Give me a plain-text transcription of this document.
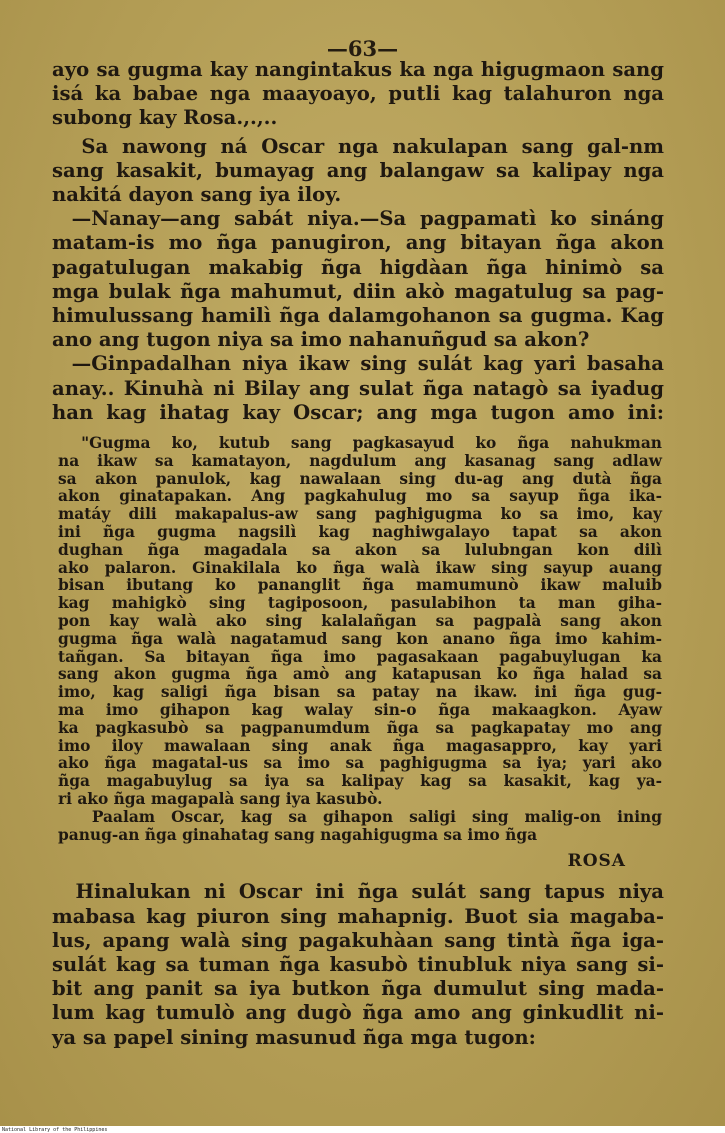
—63—

ayo sa gugma kay nangintakus ka nga higugmaon sang

isá ka babae nga maayoayo, putli kag talahuron nga

subong kay Rosa.,.,..

Sa nawong ná Oscar nga nakulapan sang gal-nm

sang kasakit, bumayag ang balangaw sa kalipay nga

nakitá dayon sang iya iloy.

—Nanay—ang sabát niya.—Sa pagpamatì ko sináng

matam-is mo ñga panugiron, ang bitayan ñga akon

pagatulugan makabig ñga higdàan ñga hinimò sa

mga bulak ñga mahumut, diin akò magatulug sa pag-

himulussang hamilì ñga dalamgohanon sa gugma. Kag

ano ang tugon niya sa imo nahanuñgud sa akon?

—Ginpadalhan niya ikaw sing sulát kag yari basaha

anay.. Kinuhà ni Bilay ang sulat ñga natagò sa iyadug

han kag ihatag kay Oscar; ang mga tugon amo ini:

"Gugma ko, kutub sang pagkasayud ko ñga nahukman

na ikaw sa kamatayon, nagdulum ang kasanag sang adlaw

sa akon panulok, kag nawalaan sing du-ag ang dutà ñga

akon ginatapakan. Ang pagkahulug mo sa sayup ñga ika-

matáy dili makapalus-aw sang paghigugma ko sa imo, kay

ini ñga gugma nagsilì kag naghiwgalayo tapat sa akon

dughan ñga magadala sa akon sa lulubngan kon dilì

ako palaron. Ginakilala ko ñga walà ikaw sing sayup auang

bisan ibutang ko pananglit ñga mamumunò ikaw maluib

kag mahigkò sing tagiposoon, pasulabihon ta man giha-

pon kay walà ako sing kalalañgan sa pagpalà sang akon

gugma ñga walà nagatamud sang kon anano ñga imo kahim-

tañgan. Sa bitayan ñga imo pagasakaan pagabuylugan ka

sang akon gugma ñga amò ang katapusan ko ñga halad sa

imo, kag saligi ñga bisan sa patay na ikaw. ini ñga gug-

ma imo gihapon kag walay sin-o ñga makaagkon. Ayaw

ka pagkasubò sa pagpanumdum ñga sa pagkapatay mo ang

imo iloy mawalaan sing anak ñga magasappro, kay yari

ako ñga magatal-us sa imo sa paghigugma sa iya; yari ako

ñga magabuylug sa iya sa kalipay kag sa kasakit, kag ya-

ri ako ñga magapalà sang iya kasubò.

Paalam Oscar, kag sa gihapon saligi sing malig-on ining

panug-an ñga ginahatag sang nagahigugma sa imo ñga

ROSA

Hinalukan ni Oscar ini ñga sulát sang tapus niya

mabasa kag piuron sing mahapnig. Buot sia magaba-

lus, apang walà sing pagakuhàan sang tintà ñga iga-

sulát kag sa tuman ñga kasubò tinubluk niya sang si-

bit ang panit sa iya butkon ñga dumulut sing mada-

lum kag tumulò ang dugò ñga amo ang ginkudlit ni-

ya sa papel sining masunud ñga mga tugon:

National Library of the Philippines
